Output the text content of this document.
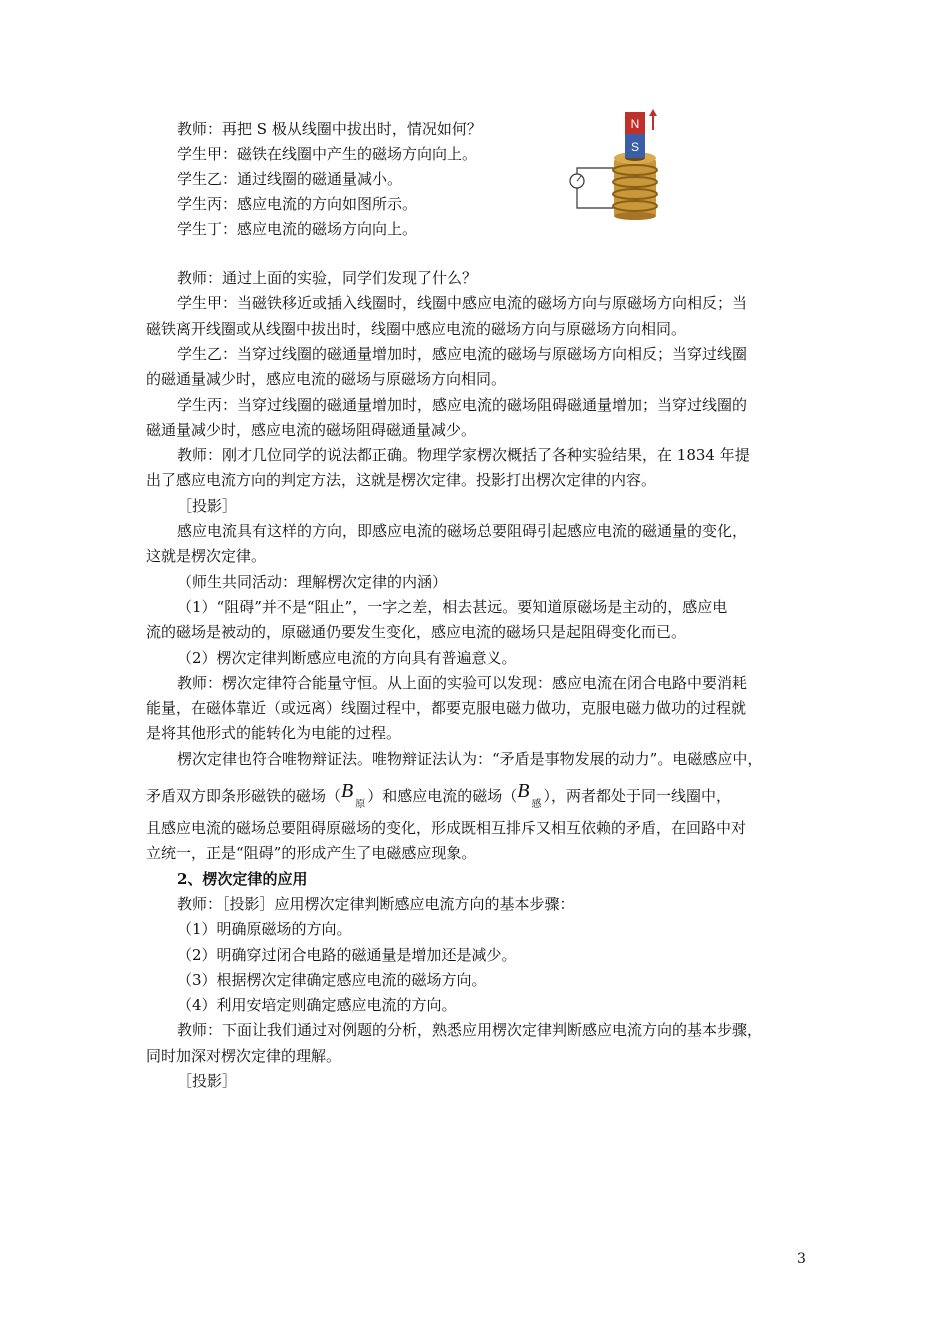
教师：再把 S 极从线圈中拔出时，情况如何？
学生甲：磁铁在线圈中产生的磁场方向向上。
学生乙：通过线圈的磁通量减小。
学生丙：感应电流的方向如图所示。
学生丁：感应电流的磁场方向向上。
N
S
教师：通过上面的实验，同学们发现了什么？
学生甲：当磁铁移近或插入线圈时，线圈中感应电流的磁场方向与原磁场方向相反；当
磁铁离开线圈或从线圈中拔出时，线圈中感应电流的磁场方向与原磁场方向相同。
学生乙：当穿过线圈的磁通量增加时，感应电流的磁场与原磁场方向相反；当穿过线圈
的磁通量减少时，感应电流的磁场与原磁场方向相同。
学生丙：当穿过线圈的磁通量增加时，感应电流的磁场阻碍磁通量增加；当穿过线圈的
磁通量减少时，感应电流的磁场阻碍磁通量减少。
教师：刚才几位同学的说法都正确。物理学家楞次概括了各种实验结果，在 1834 年提
出了感应电流方向的判定方法，这就是楞次定律。投影打出楞次定律的内容。
［投影］
感应电流具有这样的方向，即感应电流的磁场总要阻碍引起感应电流的磁通量的变化，
这就是楞次定律。
（师生共同活动：理解楞次定律的内涵）
（1）“阻碍”并不是“阻止”，一字之差，相去甚远。要知道原磁场是主动的，感应电
流的磁场是被动的，原磁通仍要发生变化，感应电流的磁场只是起阻碍变化而已。
（2）楞次定律判断感应电流的方向具有普遍意义。
教师：楞次定律符合能量守恒。从上面的实验可以发现：感应电流在闭合电路中要消耗
能量，在磁体靠近（或远离）线圈过程中，都要克服电磁力做功，克服电磁力做功的过程就
是将其他形式的能转化为电能的过程。
楞次定律也符合唯物辩证法。唯物辩证法认为：“矛盾是事物发展的动力”。电磁感应中，
矛盾双方即条形磁铁的磁场（$B_原$ ）和感应电流的磁场（$B_感$ ），两者都处于同一线圈中，
且感应电流的磁场总要阻碍原磁场的变化，形成既相互排斥又相互依赖的矛盾，在回路中对
立统一，正是“阻碍”的形成产生了电磁感应现象。
2、楞次定律的应用
教师：［投影］应用楞次定律判断感应电流方向的基本步骤：
（1）明确原磁场的方向。
（2）明确穿过闭合电路的磁通量是增加还是减少。
（3）根据楞次定律确定感应电流的磁场方向。
（4）利用安培定则确定感应电流的方向。
教师：下面让我们通过对例题的分析，熟悉应用楞次定律判断感应电流方向的基本步骤，
同时加深对楞次定律的理解。
［投影］
3
